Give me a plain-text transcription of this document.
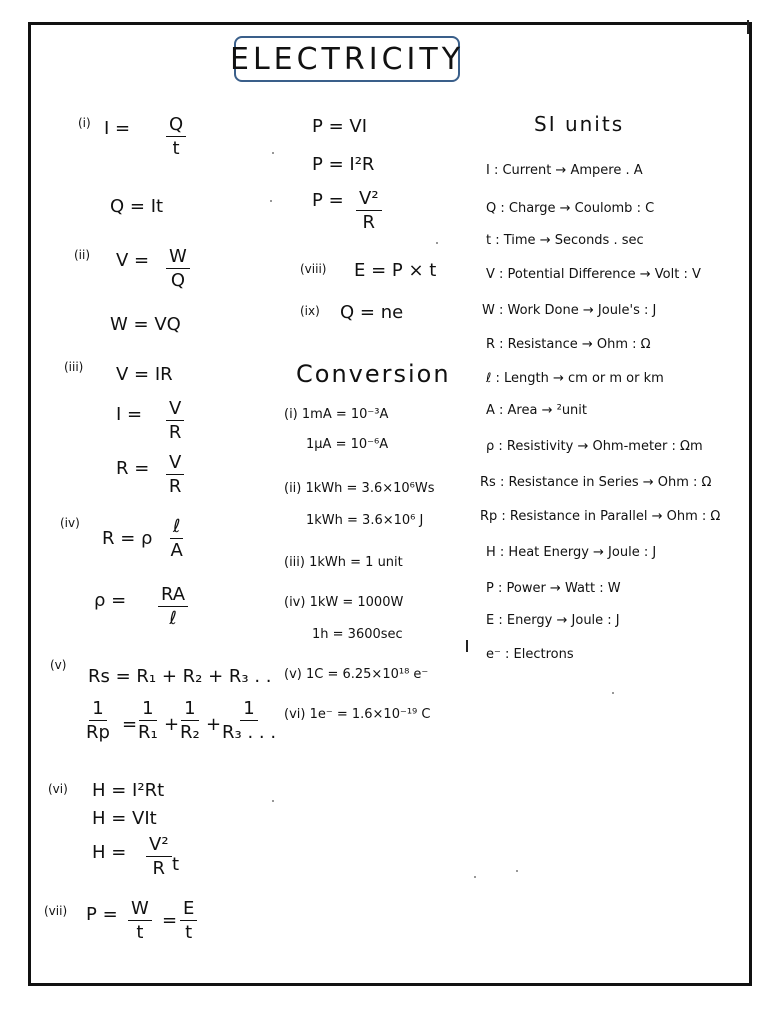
ELECTRICITY
(i) $I = \frac{Q}{t}$
Q = It
(ii) $V = \frac{W}{Q}$
W = VQ
(iii) V = IR
$I = \frac{V}{R}$
$R = \frac{V}{R}$
(iv)
R = ρ
ℓ
A
ρ = RA
ℓ
(v)
Rs = R₁ + R₂ + R₃ . .
$\frac{1}{Rp} = \frac{1}{\text{R₁}} + \frac{1}{\text{R₂}} + \frac{1}{\text{R₃ . . .}}$
(vi) H = I²Rt
H = VIt
$H = \frac{\text{V²}}{R}$ t
(vii) $P = \frac{W}{t} = \frac{E}{t}$
P = VI
P = I²R
$P = \frac{\text{V²}}{R}$
(viii) E = P × t
(ix) Q = ne
Conversion
(i) 1mA = 10⁻³A
1μA = 10⁻⁶A
(ii) 1kWh = 3.6×10⁶Ws
1kWh = 3.6×10⁶ J
(iii) 1kWh = 1 unit
(iv) 1kW = 1000W
1h = 3600sec
(v) 1C = 6.25×10¹⁸ e⁻
(vi) 1e⁻ = 1.6×10⁻¹⁹ C
SI units
I : Current → Ampere . A
Q : Charge → Coulomb : C
t : Time → Seconds . sec
V : Potential Difference → Volt : V
W : Work Done → Joule's : J
R : Resistance → Ohm : Ω
ℓ : Length → cm or m or km
A : Area → ²unit
ρ : Resistivity → Ohm-meter : Ωm
Rs : Resistance in Series → Ohm : Ω
Rp : Resistance in Parallel → Ohm : Ω
H : Heat Energy → Joule : J
P : Power → Watt : W
E : Energy → Joule : J
e⁻ : Electrons
